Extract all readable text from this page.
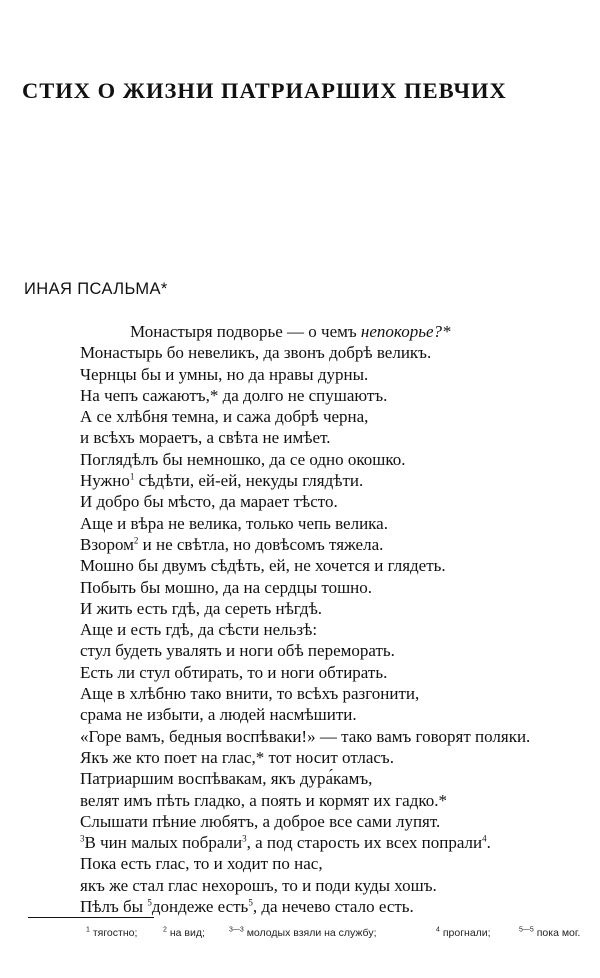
СТИХ О ЖИЗНИ ПАТРИАРШИХ ПЕВЧИХ
ИНАЯ ПСАЛЬМА*
Монастыря подворье — о чемъ непокорье?*
Монастырь бо невеликъ, да звонъ добрѣ великъ.
Чернцы бы и умны, но да нравы дурны.
На чепъ сажаютъ,* да долго не спушаютъ.
А се хлѣбня темна, и сажа добрѣ черна,
и всѣхъ мораетъ, а свѣта не имѣет.
Поглядѣлъ бы немношко, да се одно окошко.
Нужно$^1$ сѣдѣти, ей-ей, некуды глядѣти.
И добро бы мѣсто, да марает тѣсто.
Аще и вѣра не велика, только чепь велика.
Взором$^2$ и не свѣтла, но довѣсомъ тяжела.
Мошно бы двумъ сѣдѣть, ей, не хочется и глядеть.
Побыть бы мошно, да на сердцы тошно.
И жить есть гдѣ, да сереть нѣгдѣ.
Аще и есть гдѣ, да сѣсти нельзѣ:
стул будеть увалять и ноги обѣ переморать.
Есть ли стул обтирать, то и ноги обтирать.
Аще в хлѣбню тако внити, то всѣхъ разгонити,
срама не избыти, а людей насмѣшити.
«Горе вамъ, бедныя воспѣваки!» — тако вамъ говорят поляки.
Якъ же кто поет на глас,* тот носит отласъ.
Патриаршим воспѣвакам, якъ дура́камъ,
велят имъ пѣть гладко, а поять и кормят их гадко.*
Слышати пѣние любятъ, а доброе все сами лупят.
$^3$В чин малых побрали$^3$, а под старость их всех попрали$^4$.
Пока есть глас, то и ходит по нас,
якъ же стал глас нехорошъ, то и поди куды хошъ.
Пѣлъ бы $^5$дондеже есть$^5$, да нечево стало есть.
$^1$ тягостно;	$^2$ на вид;	$^{3—3}$ молодых взяли на службу;	$^4$ прогнали;	$^{5—5}$ пока мог.
